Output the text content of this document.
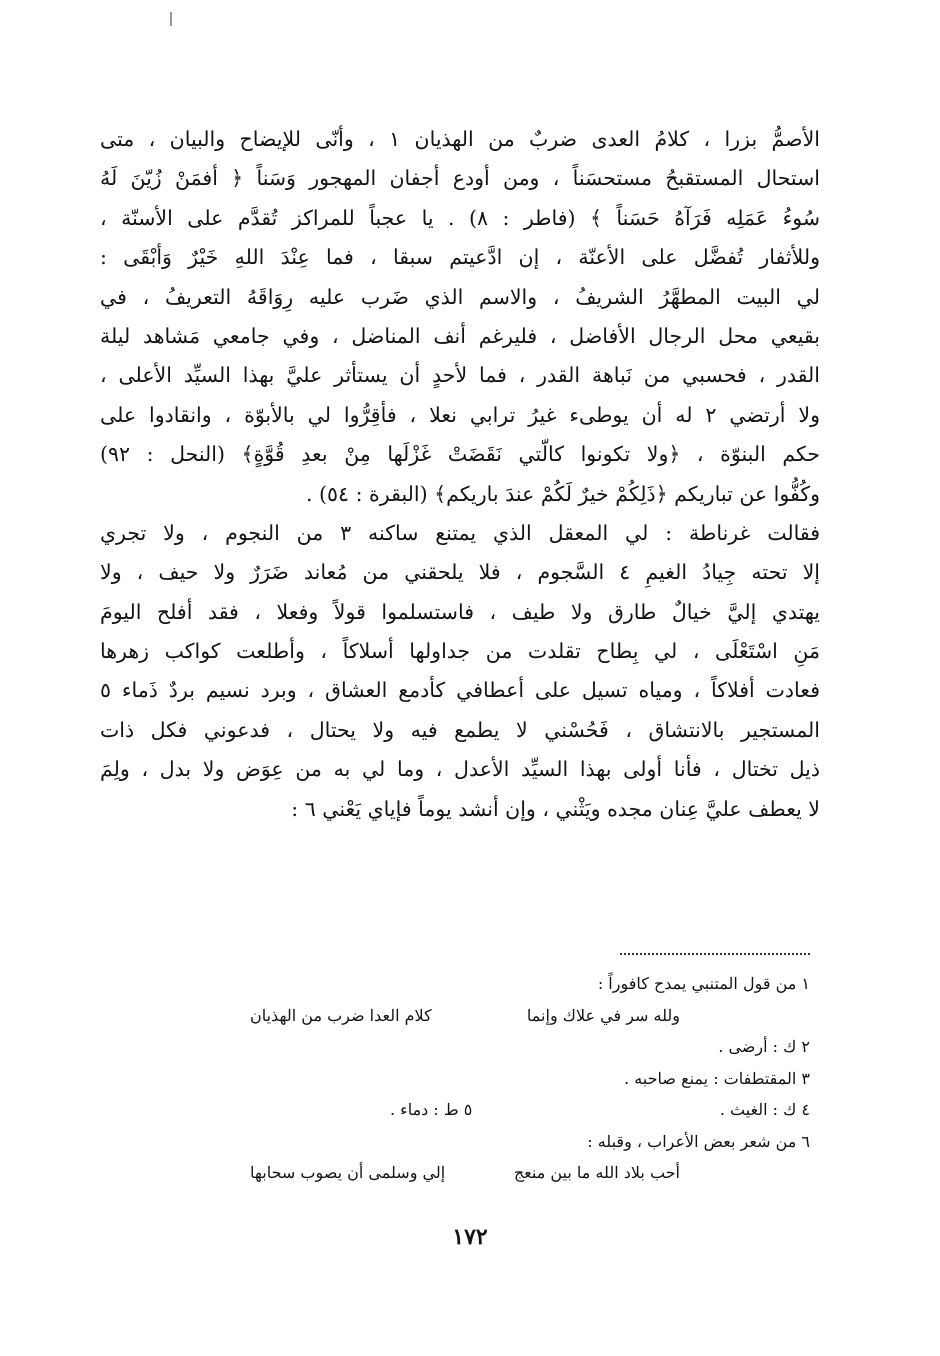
الأصمُّ بزرا ، كلامُ العدى ضربٌ من الهذيان ١ ، وأنّى للإيضاح والبيان ، متى
استحال المستقبحُ مستحسَناً ، ومن أودع أجفان المهجور وَسَناً ﴿ أفمَنْ زُيّنَ لَهُ
سُوءُ عَمَلِه فَرَآهُ حَسَناً ﴾ (فاطر : ٨) . يا عجباً للمراكز تُقدَّم على الأسنّة ،
وللأثفار تُفضَّل على الأعنّة ، إن ادَّعيتم سبقا ، فما عِنْدَ اللهِ خَيْرٌ وَأبْقَى :
لي البيت المطهَّرُ الشريفُ ، والاسم الذي ضَرب عليه رِوَاقَهُ التعريفُ ، في
بقيعي محل الرجال الأفاضل ، فليرغم أنف المناضل ، وفي جامعي مَشاهد ليلة
القدر ، فحسبي من نَباهة القدر ، فما لأحدٍ أن يستأثر عليَّ بهذا السيِّد الأعلى ،
ولا أرتضي ٢ له أن يوطىء غيرُ ترابي نعلا ، فأقِرُّوا لي بالأبوّة ، وانقادوا على
حكم البنوّة ، ﴿ولا تكونوا كالّتي نَقَضَتْ غَزْلَها مِنْ بعدِ قُوَّةٍ﴾ (النحل : ٩٢)
وكُفُّوا عن تباريكم ﴿ذَلِكُمْ خيرٌ لَكُمْ عندَ باريكم﴾ (البقرة : ٥٤) .
فقالت غرناطة : لي المعقل الذي يمتنع ساكنه ٣ من النجوم ، ولا تجري
إلا تحته جِيادُ الغيمِ ٤ السَّجوم ، فلا يلحقني من مُعاند ضَرَرٌ ولا حيف ، ولا
يهتدي إليَّ خيالٌ طارق ولا طيف ، فاستسلموا قولاً وفعلا ، فقد أفلح اليومَ
مَنِ اسْتَعْلَى ، لي بِطاح تقلدت من جداولها أسلاكاً ، وأطلعت كواكب زهرها
فعادت أفلاكاً ، ومياه تسيل على أعطافي كأدمع العشاق ، وبرد نسيم بردٌ ذَماء ٥
المستجير بالانتشاق ، فَحُسْني لا يطمع فيه ولا يحتال ، فدعوني فكل ذات
ذيل تختال ، فأنا أولى بهذا السيِّد الأعدل ، وما لي به من عِوَض ولا بدل ، ولِمَ
لا يعطف عليَّ عِنان مجده ويَثْني ، وإن أنشد يوماً فإياي يَعْني ٦ :
١ من قول المتنبي يمدح كافوراً :
ولله سر في علاك وإنما
كلام العدا ضرب من الهذيان
٢ ك : أرضى .
٣ المقتطفات : يمنع صاحبه .
٤ ك : الغيث .
٥ ط : دماء .
٦ من شعر بعض الأعراب ، وقبله :
أحب بلاد الله ما بين منعج
إلي وسلمى أن يصوب سحابها
١٧٢
